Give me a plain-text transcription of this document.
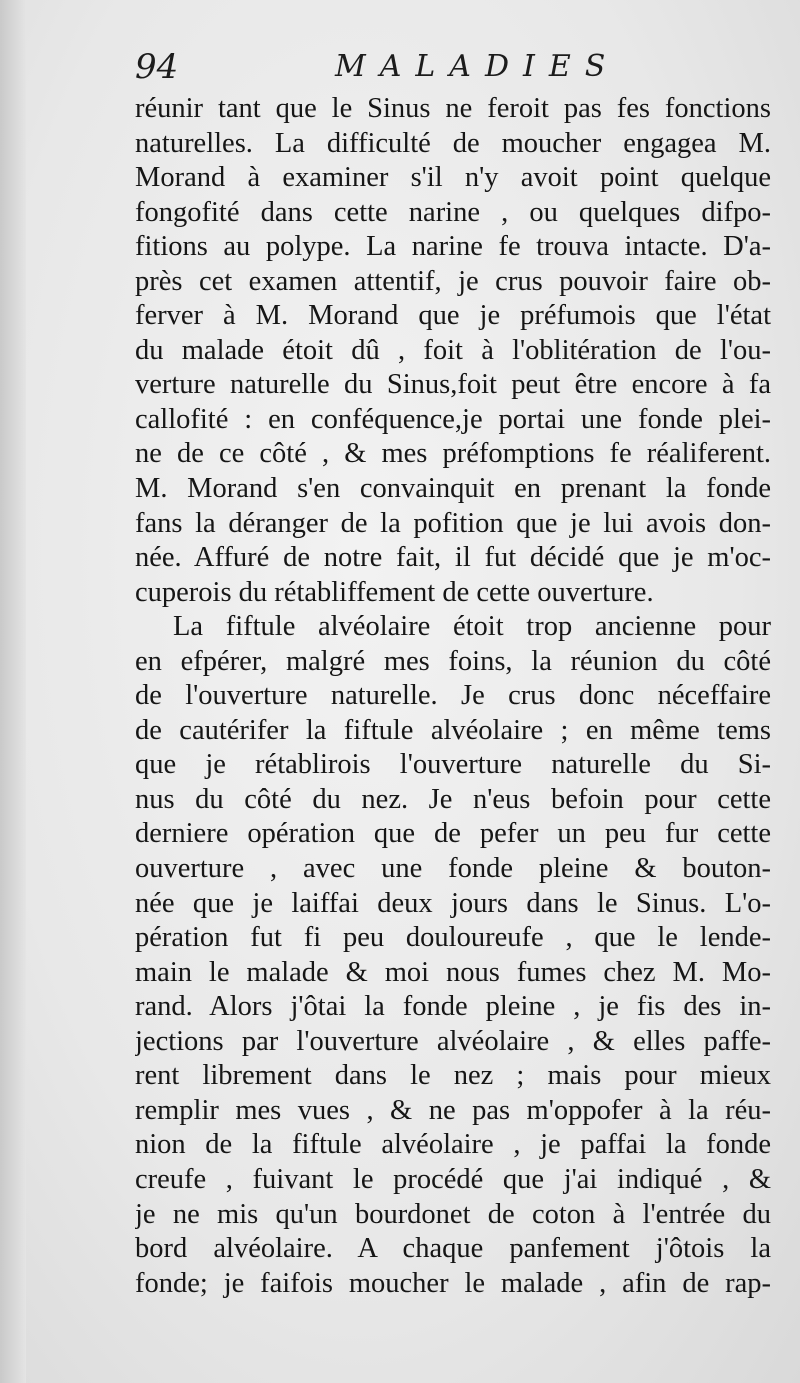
94	MALADIES
réunir tant que le Sinus ne feroit pas fes fonctions
naturelles. La difficulté de moucher engagea M.
Morand à examiner s'il n'y avoit point quelque
fongofité dans cette narine , ou quelques difpo-
fitions au polype. La narine fe trouva intacte. D'a-
près cet examen attentif, je crus pouvoir faire ob-
ferver à M. Morand que je préfumois que l'état
du malade étoit dû , foit à l'oblitération de l'ou-
verture naturelle du Sinus,foit peut être encore à fa
callofité : en conféquence,je portai une fonde plei-
ne de ce côté , & mes préfomptions fe réaliferent.
M. Morand s'en convainquit en prenant la fonde
fans la déranger de la pofition que je lui avois don-
née. Affuré de notre fait, il fut décidé que je m'oc-
cuperois du rétabliffement de cette ouverture.
La fiftule alvéolaire étoit trop ancienne pour
en efpérer, malgré mes foins, la réunion du côté
de l'ouverture naturelle. Je crus donc néceffaire
de cautérifer la fiftule alvéolaire ; en même tems
que je rétablirois l'ouverture naturelle du Si-
nus du côté du nez. Je n'eus befoin pour cette
derniere opération que de pefer un peu fur cette
ouverture , avec une fonde pleine & bouton-
née que je laiffai deux jours dans le Sinus. L'o-
pération fut fi peu douloureufe , que le lende-
main le malade & moi nous fumes chez M. Mo-
rand. Alors j'ôtai la fonde pleine , je fis des in-
jections par l'ouverture alvéolaire , & elles paffe-
rent librement dans le nez ; mais pour mieux
remplir mes vues , & ne pas m'oppofer à la réu-
nion de la fiftule alvéolaire , je paffai la fonde
creufe , fuivant le procédé que j'ai indiqué , &
je ne mis qu'un bourdonet de coton à l'entrée du
bord alvéolaire. A chaque panfement j'ôtois la
fonde; je faifois moucher le malade , afin de rap-
